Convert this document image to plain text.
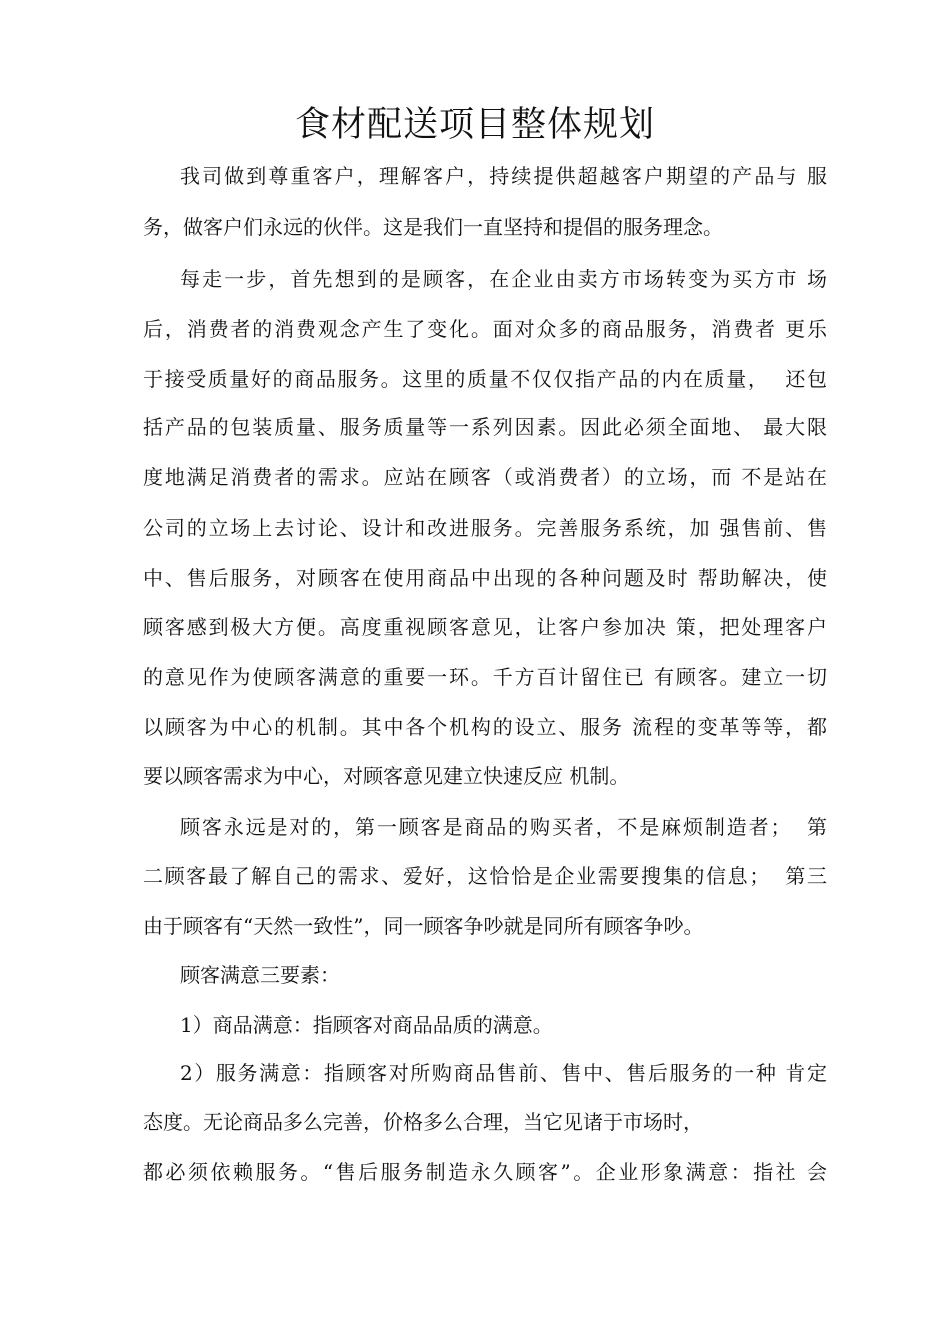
食材配送项目整体规划
我司做到尊重客户，理解客户，持续提供超越客户期望的产品与 服
务，做客户们永远的伙伴。这是我们一直坚持和提倡的服务理念。
每走一步，首先想到的是顾客，在企业由卖方市场转变为买方市 场
后，消费者的消费观念产生了变化。面对众多的商品服务，消费者 更乐
于接受质量好的商品服务。这里的质量不仅仅指产品的内在质量，  还包
括产品的包装质量、服务质量等一系列因素。因此必须全面地、 最大限
度地满足消费者的需求。应站在顾客（或消费者）的立场，而 不是站在
公司的立场上去讨论、设计和改进服务。完善服务系统，加 强售前、售
中、售后服务，对顾客在使用商品中出现的各种问题及时 帮助解决，使
顾客感到极大方便。高度重视顾客意见，让客户参加决 策，把处理客户
的意见作为使顾客满意的重要一环。千方百计留住已 有顾客。建立一切
以顾客为中心的机制。其中各个机构的设立、服务 流程的变革等等，都
要以顾客需求为中心，对顾客意见建立快速反应 机制。
顾客永远是对的，第一顾客是商品的购买者，不是麻烦制造者；  第
二顾客最了解自己的需求、爱好，这恰恰是企业需要搜集的信息；  第三
由于顾客有“天然一致性”，同一顾客争吵就是同所有顾客争吵。
顾客满意三要素：
1）商品满意：指顾客对商品品质的满意。
2）服务满意：指顾客对所购商品售前、售中、售后服务的一种 肯定
态度。无论商品多么完善，价格多么合理，当它见诸于市场时，
都必须依赖服务。“售后服务制造永久顾客”。企业形象满意：指社 会
